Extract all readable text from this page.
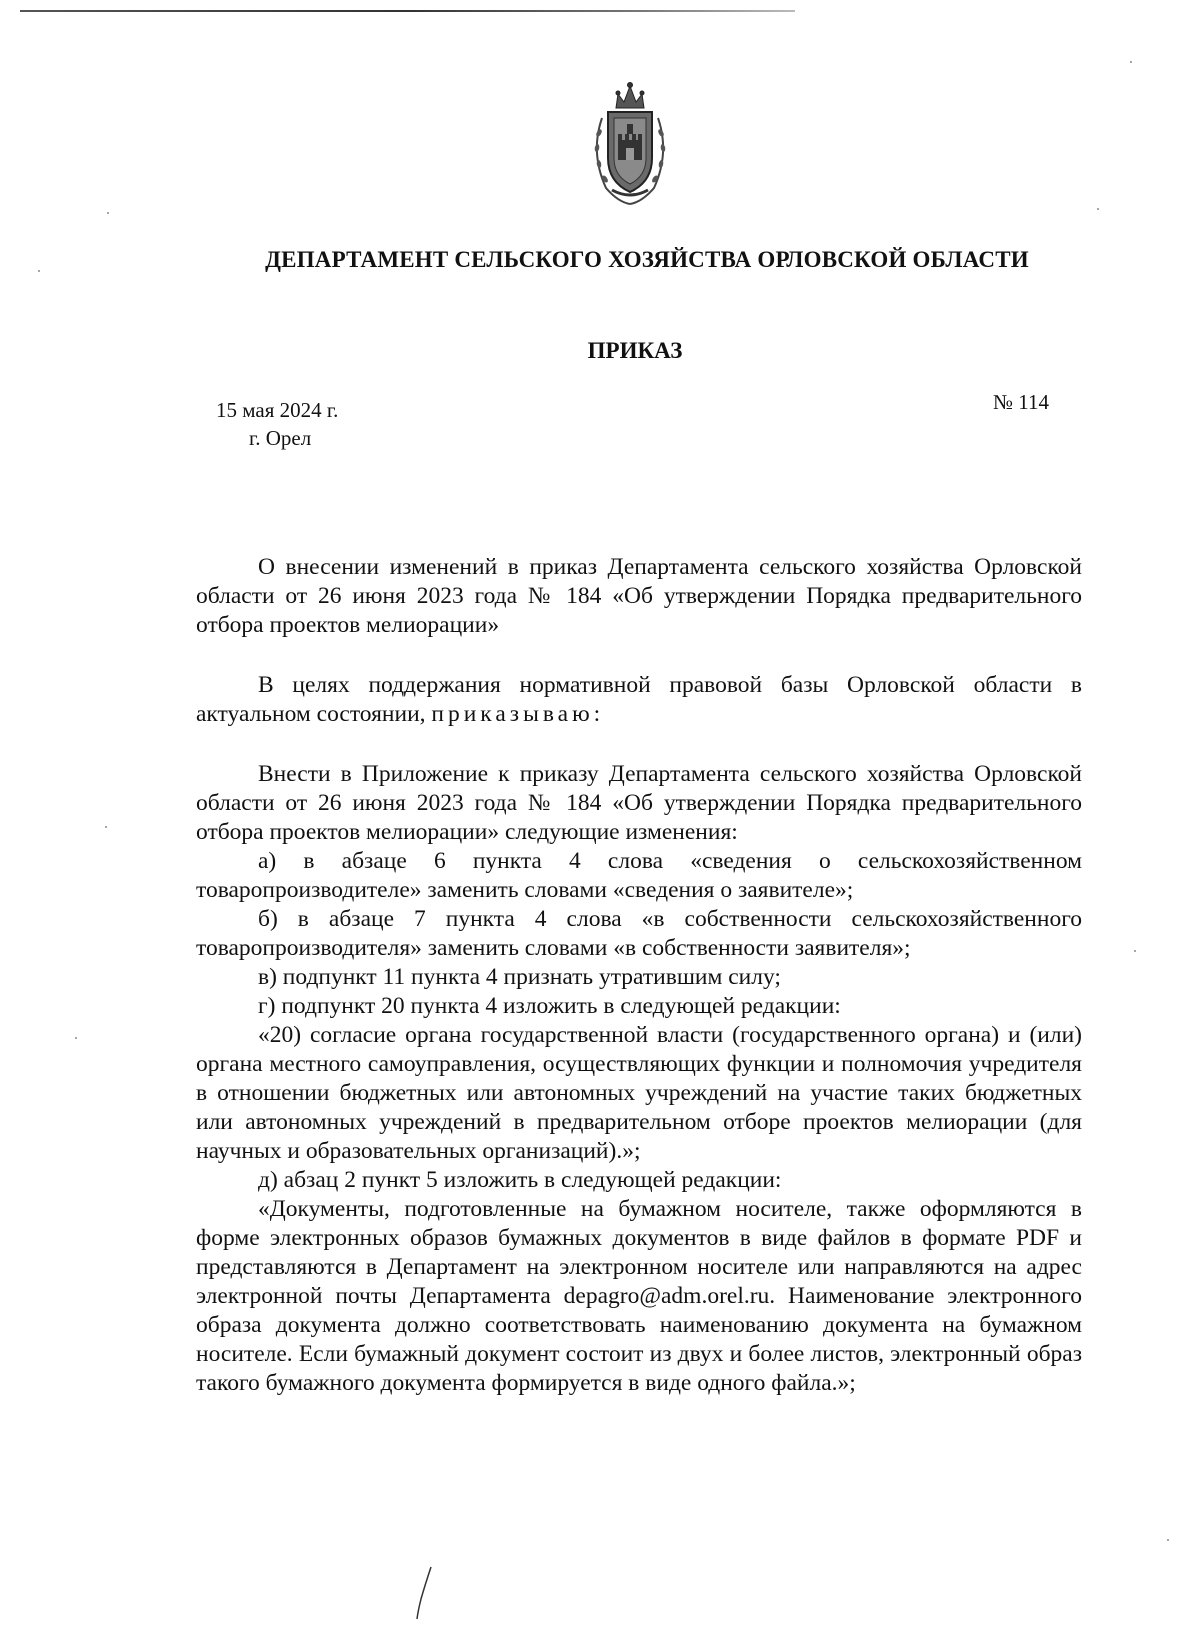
ДЕПАРТАМЕНТ СЕЛЬСКОГО ХОЗЯЙСТВА ОРЛОВСКОЙ ОБЛАСТИ
ПРИКАЗ
15 мая 2024 г.
г. Орел
№ 114

О внесении изменений в приказ Департамента сельского хозяйства Орловской области от 26 июня 2023 года № 184 «Об утверждении Порядка предварительного отбора проектов мелиорации»

В целях поддержания нормативной правовой базы Орловской области в актуальном состоянии, приказываю:

Внести в Приложение к приказу Департамента сельского хозяйства Орловской области от 26 июня 2023 года № 184 «Об утверждении Порядка предварительного отбора проектов мелиорации» следующие изменения:

а) в абзаце 6 пункта 4 слова «сведения о сельскохозяйственном товаропроизводителе» заменить словами «сведения о заявителе»;

б) в абзаце 7 пункта 4 слова «в собственности сельскохозяйственного товаропроизводителя» заменить словами «в собственности заявителя»;

в) подпункт 11 пункта 4 признать утратившим силу;

г) подпункт 20 пункта 4 изложить в следующей редакции:

«20) согласие органа государственной власти (государственного органа) и (или) органа местного самоуправления, осуществляющих функции и полномочия учредителя в отношении бюджетных или автономных учреждений на участие таких бюджетных или автономных учреждений в предварительном отборе проектов мелиорации (для научных и образовательных организаций).»;

д) абзац 2 пункт 5 изложить в следующей редакции:

«Документы, подготовленные на бумажном носителе, также оформляются в форме электронных образов бумажных документов в виде файлов в формате PDF и представляются в Департамент на электронном носителе или направляются на адрес электронной почты Департамента depagro@adm.orel.ru. Наименование электронного образа документа должно соответствовать наименованию документа на бумажном носителе. Если бумажный документ состоит из двух и более листов, электронный образ такого бумажного документа формируется в виде одного файла.»;
